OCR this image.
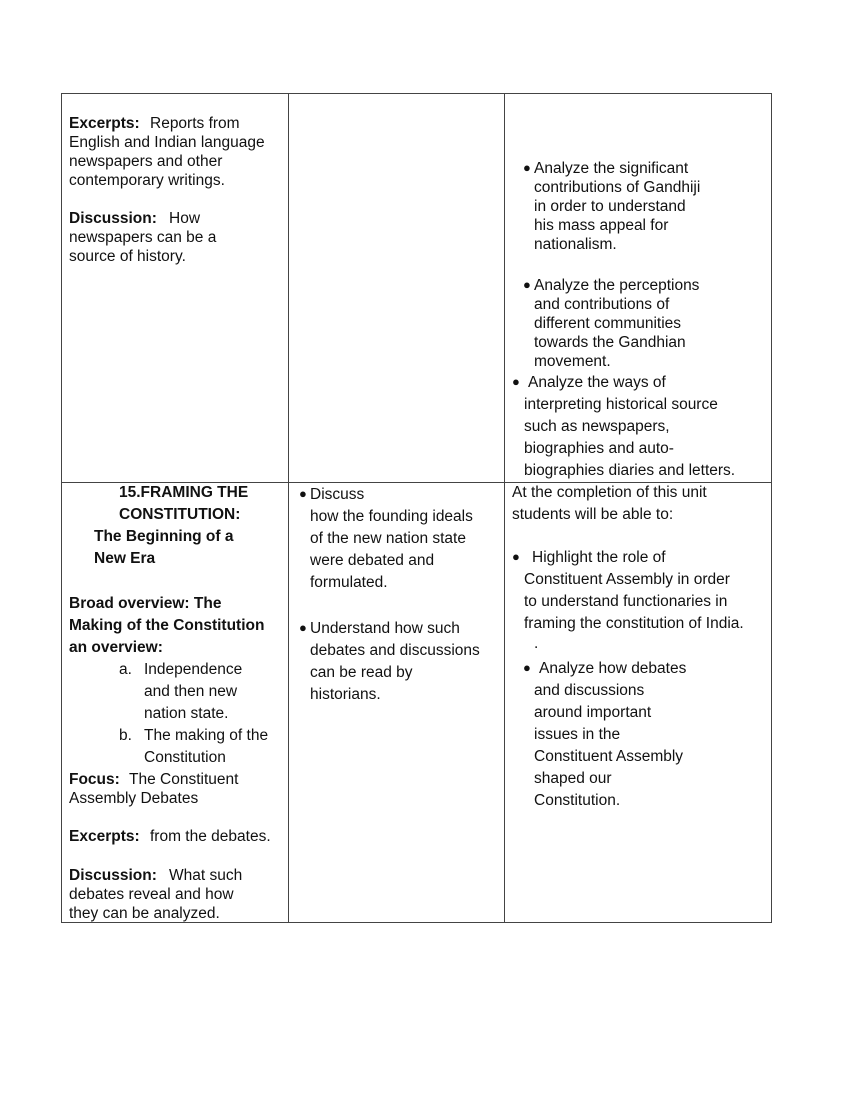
Excerpts: Reports from
English and Indian language
newspapers and other
contemporary writings.
Discussion: How
newspapers can be a
source of history.
● Analyze the significant
contributions of Gandhiji
in order to understand
his mass appeal for
nationalism.
● Analyze the perceptions
and contributions of
different communities
towards the Gandhian
movement.
● Analyze the ways of
interpreting historical source
such as newspapers,
biographies and auto-
biographies diaries and letters.
15.FRAMING THE
CONSTITUTION:
The Beginning of a
New Era
Broad overview: The
Making of the Constitution
an overview:
a. Independence
and then new
nation state.
b. The making of the
Constitution
Focus: The Constituent
Assembly Debates
Excerpts: from the debates.
Discussion: What such
debates reveal and how
they can be analyzed.
● Discuss
how the founding ideals
of the new nation state
were debated and
formulated.
● Understand how such
debates and discussions
can be read by
historians.
At the completion of this unit
students will be able to:
● Highlight the role of
Constituent Assembly in order
to understand functionaries in
framing the constitution of India.
.
● Analyze how debates
and discussions
around important
issues in the
Constituent Assembly
shaped our
Constitution.
